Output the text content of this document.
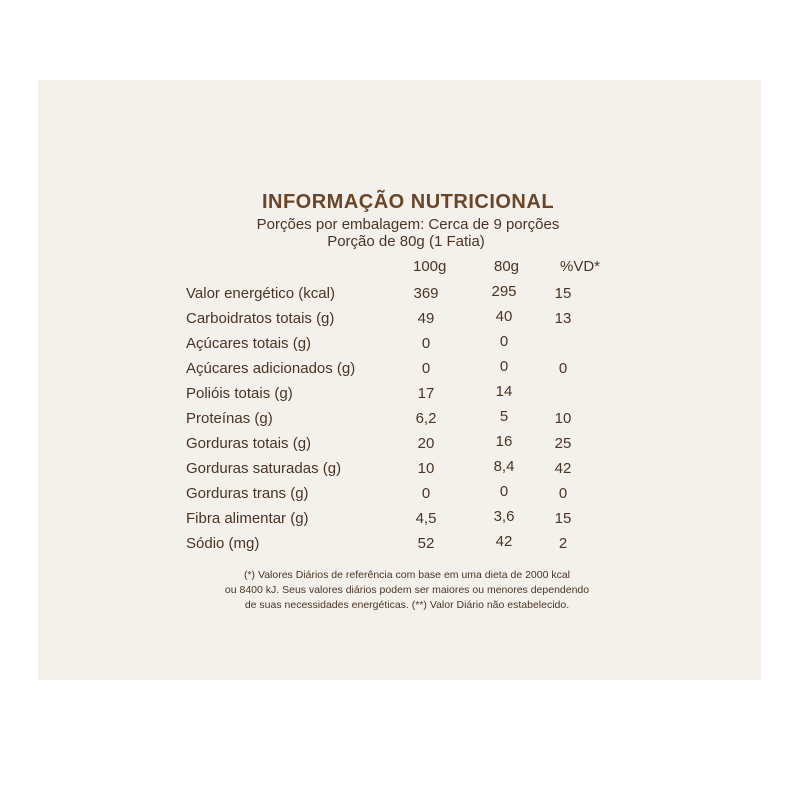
INFORMAÇÃO NUTRICIONAL
Porções por embalagem: Cerca de 9 porções
Porção de 80g (1 Fatia)
100g	80g	%VD*
Valor energético (kcal)	369	295	15
Carboidratos totais (g)	49	40	13
Açúcares totais (g)	0	0
Açúcares adicionados (g)	0	0	0
Polióis totais (g)	17	14
Proteínas (g)	6,2	5	10
Gorduras totais (g)	20	16	25
Gorduras saturadas (g)	10	8,4	42
Gorduras trans (g)	0	0	0
Fibra alimentar (g)	4,5	3,6	15
Sódio (mg)	52	42	2
(*) Valores Diários de referência com base em uma dieta de 2000 kcal
ou 8400 kJ. Seus valores diários podem ser maiores ou menores dependendo
de suas necessidades energéticas. (**) Valor Diário não estabelecido.
